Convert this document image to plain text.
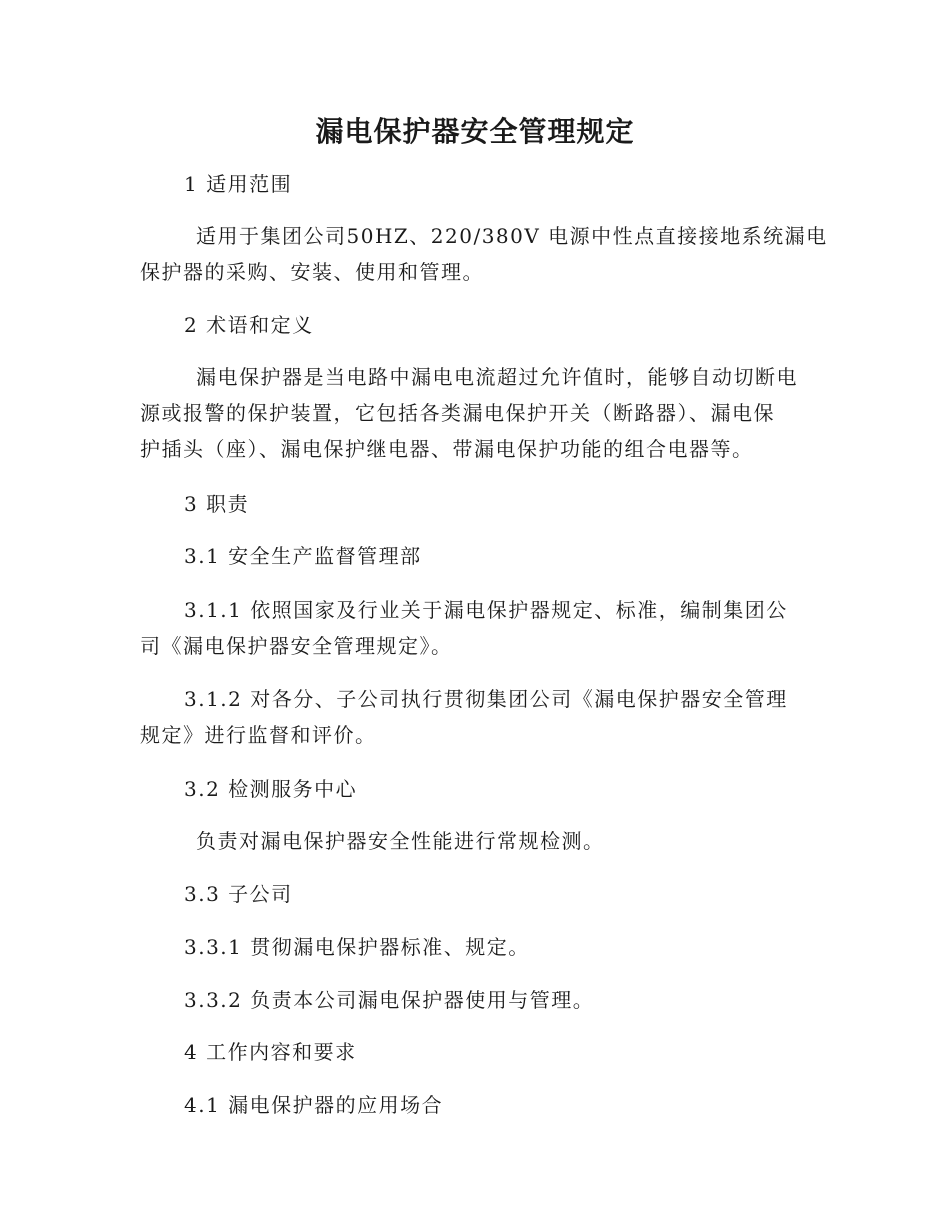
漏电保护器安全管理规定
1 适用范围
适用于集团公司50HZ、220/380V 电源中性点直接接地系统漏电
保护器的采购、安装、使用和管理。
2 术语和定义
漏电保护器是当电路中漏电电流超过允许值时，能够自动切断电
源或报警的保护装置，它包括各类漏电保护开关（断路器）、漏电保
护插头（座）、漏电保护继电器、带漏电保护功能的组合电器等。
3 职责
3.1 安全生产监督管理部
3.1.1 依照国家及行业关于漏电保护器规定、标准，编制集团公
司《漏电保护器安全管理规定》。
3.1.2 对各分、子公司执行贯彻集团公司《漏电保护器安全管理
规定》进行监督和评价。
3.2 检测服务中心
负责对漏电保护器安全性能进行常规检测。
3.3 子公司
3.3.1 贯彻漏电保护器标准、规定。
3.3.2 负责本公司漏电保护器使用与管理。
4 工作内容和要求
4.1 漏电保护器的应用场合
